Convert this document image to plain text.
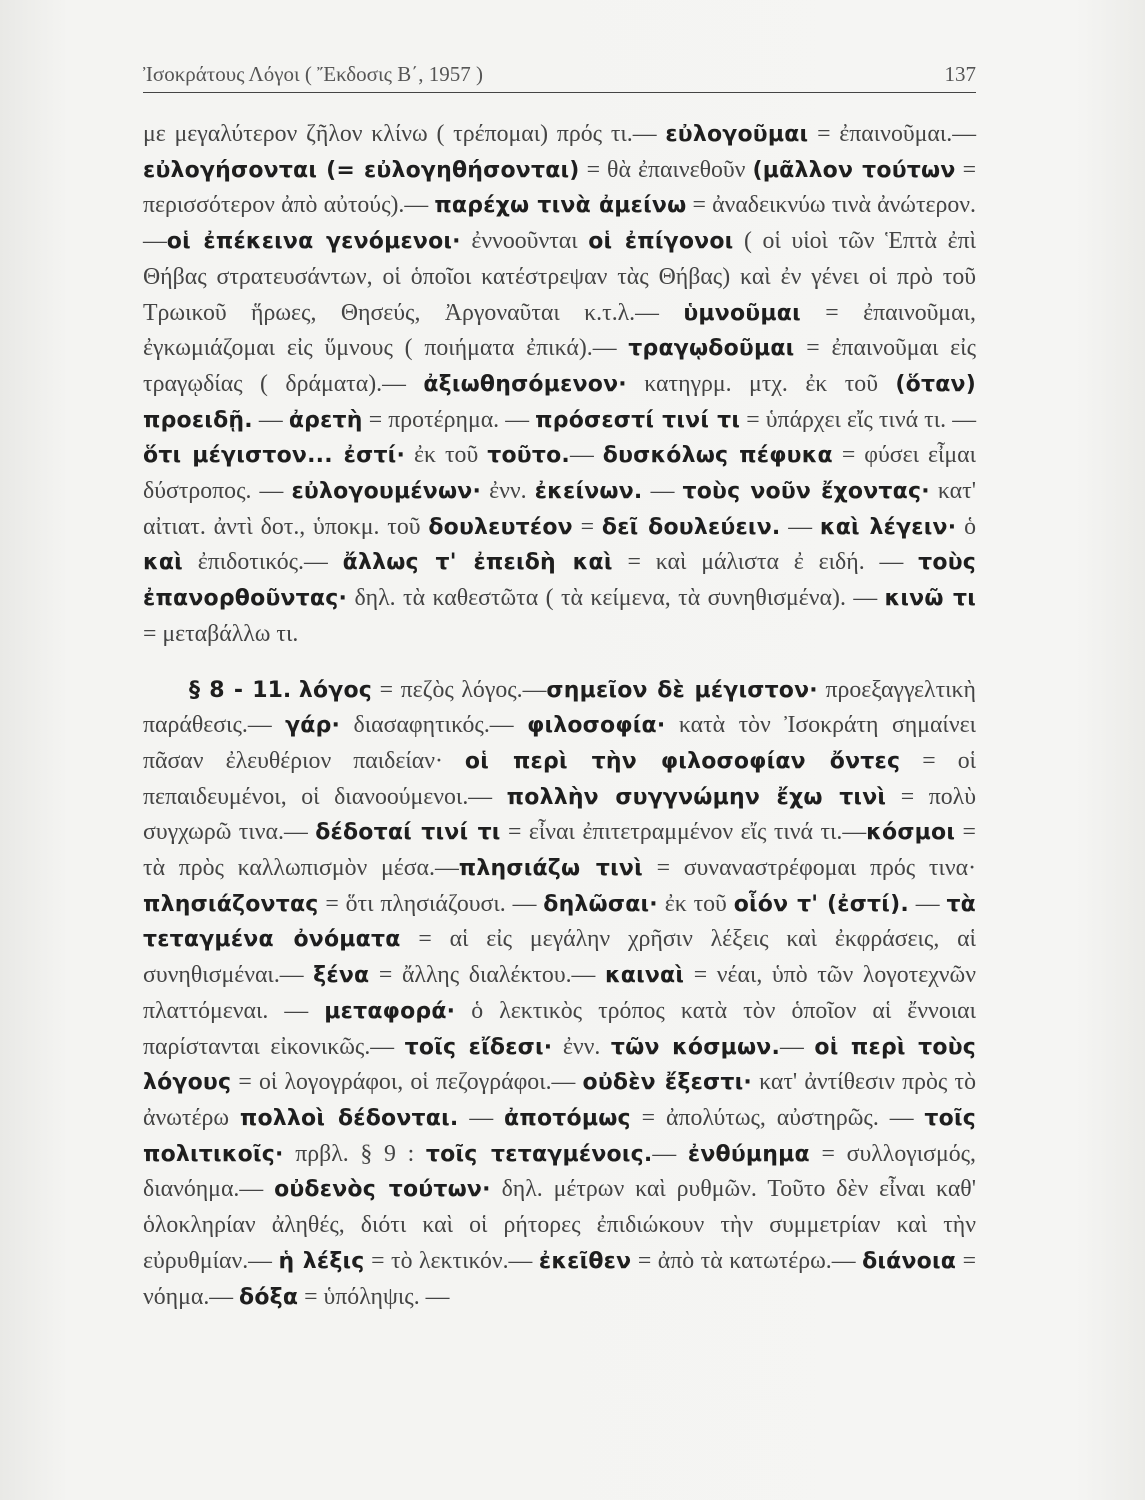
Ἰσοκράτους Λόγοι ( Ἔκδοσις Β΄, 1957 )	137

με μεγαλύτερον ζῆλον κλίνω ( τρέπομαι) πρός τι.— εὐλογοῦμαι = ἐπαινοῦμαι.—εὐλογήσονται (= εὐλογηθήσονται) = θὰ ἐπαινεθοῦν (μᾶλλον τούτων = περισσότερον ἀπὸ αὐτούς).— παρέχω τινὰ ἀμείνω = ἀναδεικνύω τινὰ ἀνώτερον.—οἱ ἐπέκεινα γενόμενοι· ἐννοοῦνται οἱ ἐπίγονοι ( οἱ υἱοὶ τῶν Ἑπτὰ ἐπὶ Θήβας στρατευσάντων, οἱ ὁποῖοι κατέστρεψαν τὰς Θήβας) καὶ ἐν γένει οἱ πρὸ τοῦ Τρωικοῦ ἥρωες, Θησεύς, Ἀργοναῦται κ.τ.λ.— ὑμνοῦμαι = ἐπαινοῦμαι, ἐγκωμιάζομαι εἰς ὕμνους ( ποιήματα ἐπικά).— τραγῳδοῦμαι = ἐπαινοῦμαι εἰς τραγῳδίας ( δράματα).— ἀξιωθησόμενον· κατηγρμ. μτχ. ἐκ τοῦ (ὅταν) προειδῇ. — ἀρετὴ = προτέρημα. — πρόσεστί τινί τι = ὑπάρχει εἴς τινά τι. — ὅτι μέγιστον... ἐστί· ἐκ τοῦ τοῦτο.— δυσκόλως πέφυκα = φύσει εἶμαι δύστροπος. — εὐλογουμένων· ἐνν. ἐκείνων. — τοὺς νοῦν ἔχοντας· κατ' αἰτιατ. ἀντὶ δοτ., ὑποκμ. τοῦ δουλευτέον = δεῖ δουλεύειν. — καὶ λέγειν· ὁ καὶ ἐπιδοτικός.— ἄλλως τ' ἐπειδὴ καὶ = καὶ μάλιστα ἐ ειδή. — τοὺς ἐπανορθοῦντας· δηλ. τὰ καθεστῶτα ( τὰ κείμενα, τὰ συνηθισμένα). — κινῶ τι = μεταβάλλω τι.

§ 8 - 11. λόγος = πεζὸς λόγος.—σημεῖον δὲ μέγιστον· προεξαγγελτικὴ παράθεσις.— γάρ· διασαφητικός.— φιλοσοφία· κατὰ τὸν Ἰσοκράτη σημαίνει πᾶσαν ἐλευθέριον παιδείαν· οἱ περὶ τὴν φιλοσοφίαν ὄντες = οἱ πεπαιδευμένοι, οἱ διανοούμενοι.— πολλὴν συγγνώμην ἔχω τινὶ = πολὺ συγχωρῶ τινα.— δέδοταί τινί τι = εἶναι ἐπιτετραμμένον εἴς τινά τι.—κόσμοι = τὰ πρὸς καλλωπισμὸν μέσα.—πλησιάζω τινὶ = συναναστρέφομαι πρός τινα· πλησιάζοντας = ὅτι πλησιάζουσι. — δηλῶσαι· ἐκ τοῦ οἷόν τ' (ἐστί). — τὰ τεταγμένα ὀνόματα = αἱ εἰς μεγάλην χρῆσιν λέξεις καὶ ἐκφράσεις, αἱ συνηθισμέναι.— ξένα = ἄλλης διαλέκτου.— καιναὶ = νέαι, ὑπὸ τῶν λογοτεχνῶν πλαττόμεναι. — μεταφορά· ὁ λεκτικὸς τρόπος κατὰ τὸν ὁποῖον αἱ ἔννοιαι παρίστανται εἰκονικῶς.— τοῖς εἴδεσι· ἐνν. τῶν κόσμων.— οἱ περὶ τοὺς λόγους = οἱ λογογράφοι, οἱ πεζογράφοι.— οὐδὲν ἔξεστι· κατ' ἀντίθεσιν πρὸς τὸ ἀνωτέρω πολλοὶ δέδονται. — ἀποτόμως = ἀπολύτως, αὐστηρῶς. — τοῖς πολιτικοῖς· πρβλ. § 9 : τοῖς τεταγμένοις.— ἐνθύμημα = συλλογισμός, διανόημα.— οὐδενὸς τούτων· δηλ. μέτρων καὶ ρυθμῶν. Τοῦτο δὲν εἶναι καθ' ὁλοκληρίαν ἀληθές, διότι καὶ οἱ ρήτορες ἐπιδιώκουν τὴν συμμετρίαν καὶ τὴν εὐρυθμίαν.— ἡ λέξις = τὸ λεκτικόν.— ἐκεῖθεν = ἀπὸ τὰ κατωτέρω.— διάνοια = νόημα.— δόξα = ὑπόληψις. —
